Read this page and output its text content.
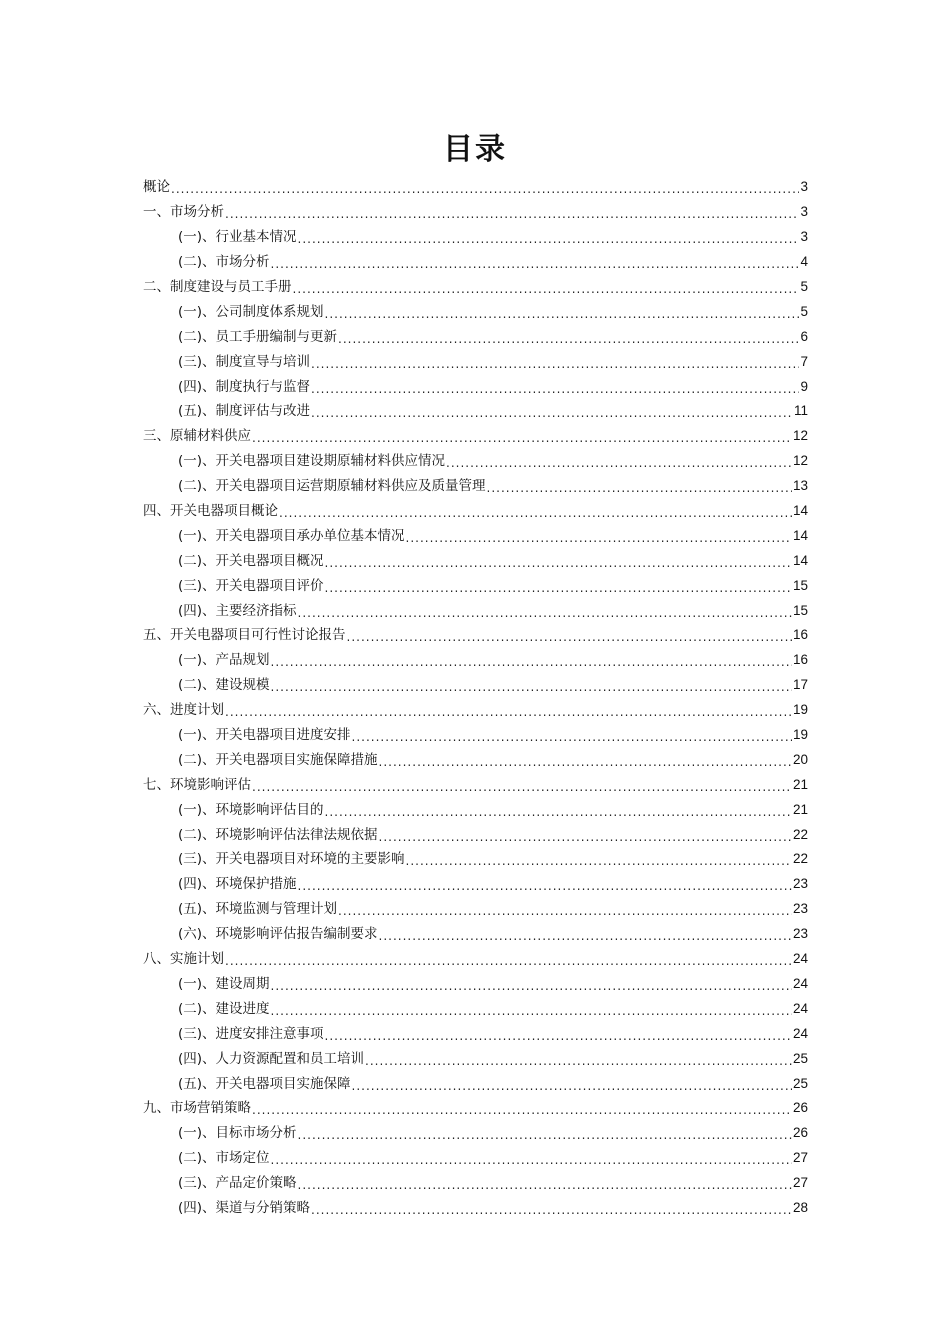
目录
概论 .....	3
一、市场分析 .....	3
(一)、行业基本情况 .....	3
(二)、市场分析 .....	4
二、制度建设与员工手册 .....	5
(一)、公司制度体系规划 .....	5
(二)、员工手册编制与更新 .....	6
(三)、制度宣导与培训 .....	7
(四)、制度执行与监督 .....	9
(五)、制度评估与改进 .....	11
三、原辅材料供应 .....	12
(一)、开关电器项目建设期原辅材料供应情况 .....	12
(二)、开关电器项目运营期原辅材料供应及质量管理 .....	13
四、开关电器项目概论 .....	14
(一)、开关电器项目承办单位基本情况 .....	14
(二)、开关电器项目概况 .....	14
(三)、开关电器项目评价 .....	15
(四)、主要经济指标 .....	15
五、开关电器项目可行性讨论报告 .....	16
(一)、产品规划 .....	16
(二)、建设规模 .....	17
六、进度计划 .....	19
(一)、开关电器项目进度安排 .....	19
(二)、开关电器项目实施保障措施 .....	20
七、环境影响评估 .....	21
(一)、环境影响评估目的 .....	21
(二)、环境影响评估法律法规依据 .....	22
(三)、开关电器项目对环境的主要影响 .....	22
(四)、环境保护措施 .....	23
(五)、环境监测与管理计划 .....	23
(六)、环境影响评估报告编制要求 .....	23
八、实施计划 .....	24
(一)、建设周期 .....	24
(二)、建设进度 .....	24
(三)、进度安排注意事项 .....	24
(四)、人力资源配置和员工培训 .....	25
(五)、开关电器项目实施保障 .....	25
九、市场营销策略 .....	26
(一)、目标市场分析 .....	26
(二)、市场定位 .....	27
(三)、产品定价策略 .....	27
(四)、渠道与分销策略 .....	28
